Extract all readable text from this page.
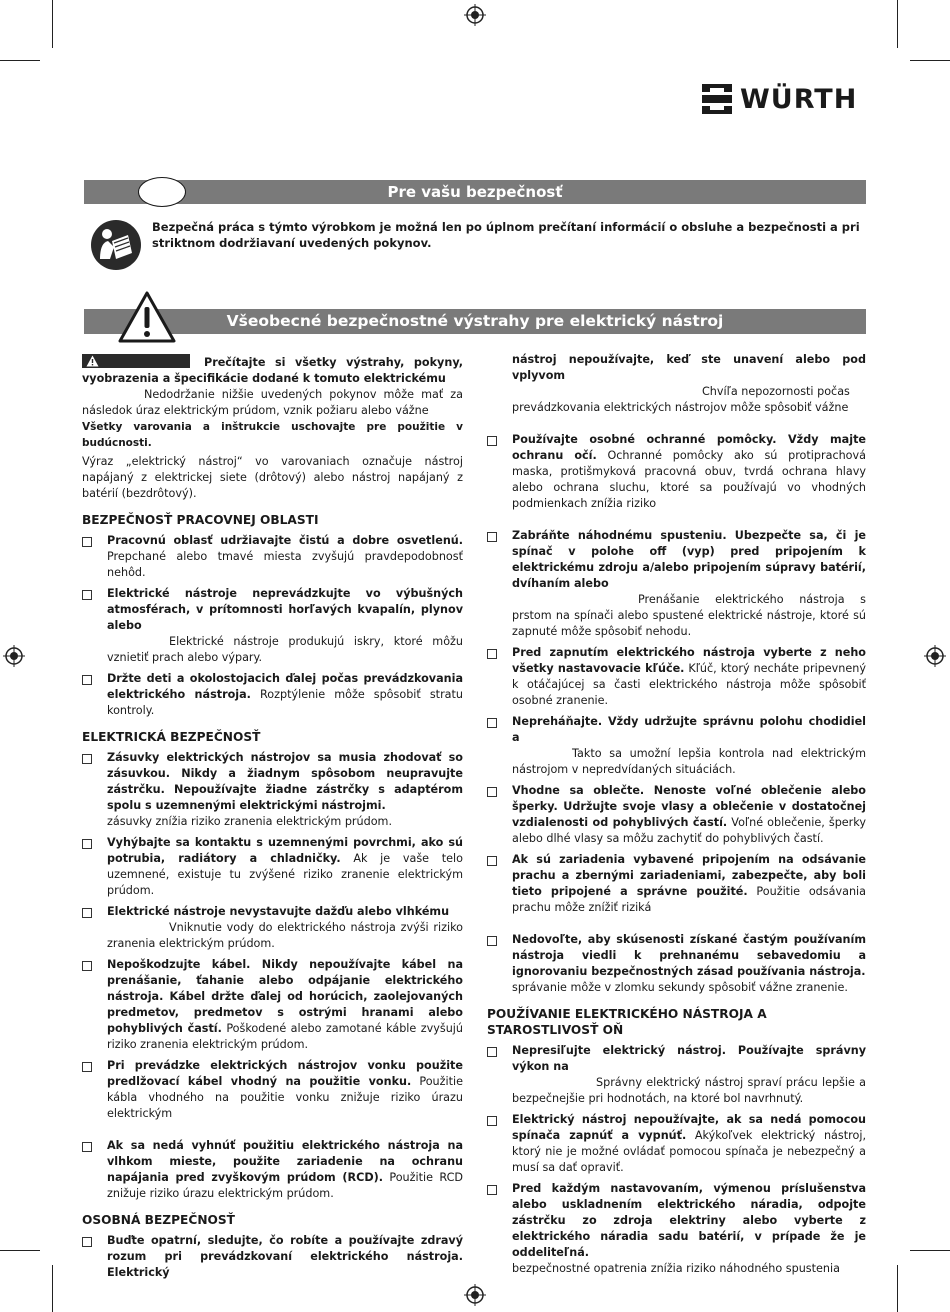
WÜRTH
Pre vašu bezpečnosť
Bezpečná práca s týmto výrobkom je možná len po úplnom prečítaní informácií o obsluhe a bezpečnosti a pri striktnom dodržiavaní uvedených pokynov.
Všeobecné bezpečnostné výstrahy pre elektrický nástroj

Prečítajte si všetky výstrahy, pokyny, vyobrazenia a špecifikácie dodané k tomuto elektrickému
Nedodržanie nižšie uvedených pokynov môže mať za následok úraz elektrickým prúdom, vznik požiaru alebo vážne

Všetky varovania a inštrukcie uschovajte pre použitie v budúcnosti.

Výraz „elektrický nástroj“ vo varovaniach označuje nástroj napájaný z elektrickej siete (drôtový) alebo nástroj napájaný z batérií (bezdrôtový).

BEZPEČNOSŤ PRACOVNEJ OBLASTI

Pracovnú oblasť udržiavajte čistú a dobre osvetlenú. Prepchané alebo tmavé miesta zvyšujú pravdepodobnosť nehôd.
Elektrické nástroje neprevádzkujte vo výbušných atmosférach, v prítomnosti horľavých kvapalín, plynov alebo
Elektrické nástroje produkujú iskry, ktoré môžu vznietiť prach alebo výpary.
Držte deti a okolostojacich ďalej počas prevádzkovania elektrického nástroja. Rozptýlenie môže spôsobiť stratu kontroly.

ELEKTRICKÁ BEZPEČNOSŤ

Zásuvky elektrických nástrojov sa musia zhodovať so zásuvkou. Nikdy a žiadnym spôsobom neupravujte zástrčku. Nepoužívajte žiadne zástrčky s adaptérom spolu s uzemnenými elektrickými nástrojmi.
zásuvky znížia riziko zranenia elektrickým prúdom.
Vyhýbajte sa kontaktu s uzemnenými povrchmi, ako sú potrubia, radiátory a chladničky. Ak je vaše telo uzemnené, existuje tu zvýšené riziko zranenie elektrickým prúdom.
Elektrické nástroje nevystavujte dažďu alebo vlhkému
Vniknutie vody do elektrického nástroja zvýši riziko zranenia elektrickým prúdom.
Nepoškodzujte kábel. Nikdy nepoužívajte kábel na prenášanie, ťahanie alebo odpájanie elektrického nástroja. Kábel držte ďalej od horúcich, zaolejovaných predmetov, predmetov s ostrými hranami alebo pohyblivých častí. Poškodené alebo zamotané káble zvyšujú riziko zranenia elektrickým prúdom.
Pri prevádzke elektrických nástrojov vonku použite predlžovací kábel vhodný na použitie vonku. Použitie kábla vhodného na použitie vonku znižuje riziko úrazu elektrickým
Ak sa nedá vyhnúť použitiu elektrického nástroja na vlhkom mieste, použite zariadenie na ochranu napájania pred zvyškovým prúdom (RCD). Použitie RCD znižuje riziko úrazu elektrickým prúdom.

OSOBNÁ BEZPEČNOSŤ

Buďte opatrní, sledujte, čo robíte a používajte zdravý rozum pri prevádzkovaní elektrického nástroja. Elektrický
nástroj nepoužívajte, keď ste unavení alebo pod vplyvom
Chvíľa nepozornosti počas
prevádzkovania elektrických nástrojov môže spôsobiť vážne
Používajte osobné ochranné pomôcky. Vždy majte ochranu očí. Ochranné pomôcky ako sú protiprachová maska, protišmyková pracovná obuv, tvrdá ochrana hlavy alebo ochrana sluchu, ktoré sa používajú vo vhodných podmienkach znížia riziko
Zabráňte náhodnému spusteniu. Ubezpečte sa, či je spínač v polohe off (vyp) pred pripojením k elektrickému zdroju a/alebo pripojením súpravy batérií, dvíhaním alebo
Prenášanie elektrického nástroja s prstom na spínači alebo spustené elektrické nástroje, ktoré sú zapnuté môže spôsobiť nehodu.
Pred zapnutím elektrického nástroja vyberte z neho všetky nastavovacie kľúče. Kľúč, ktorý necháte pripevnený k otáčajúcej sa časti elektrického nástroja môže spôsobiť osobné zranenie.
Nepreháňajte. Vždy udržujte správnu polohu chodidiel a
Takto sa umožní lepšia kontrola nad elektrickým nástrojom v nepredvídaných situáciách.
Vhodne sa oblečte. Nenoste voľné oblečenie alebo šperky. Udržujte svoje vlasy a oblečenie v dostatočnej vzdialenosti od pohyblivých častí. Voľné oblečenie, šperky alebo dlhé vlasy sa môžu zachytiť do pohyblivých častí.
Ak sú zariadenia vybavené pripojením na odsávanie prachu a zbernými zariadeniami, zabezpečte, aby boli tieto pripojené a správne použité. Použitie odsávania prachu môže znížiť riziká
Nedovoľte, aby skúsenosti získané častým používaním nástroja viedli k prehnanému sebavedomiu a ignorovaniu bezpečnostných zásad používania nástroja.
správanie môže v zlomku sekundy spôsobiť vážne zranenie.

POUŽÍVANIE ELEKTRICKÉHO NÁSTROJA A STAROSTLIVOSŤ OŇ

Nepresiľujte elektrický nástroj. Používajte správny výkon na
Správny elektrický nástroj spraví prácu lepšie a bezpečnejšie pri hodnotách, na ktoré bol navrhnutý.
Elektrický nástroj nepoužívajte, ak sa nedá pomocou spínača zapnúť a vypnúť. Akýkoľvek elektrický nástroj, ktorý nie je možné ovládať pomocou spínača je nebezpečný a musí sa dať opraviť.
Pred každým nastavovaním, výmenou príslušenstva alebo uskladnením elektrického náradia, odpojte zástrčku zo zdroja elektriny alebo vyberte z elektrického náradia sadu batérií, v prípade že je oddeliteľná.
bezpečnostné opatrenia znížia riziko náhodného spustenia
